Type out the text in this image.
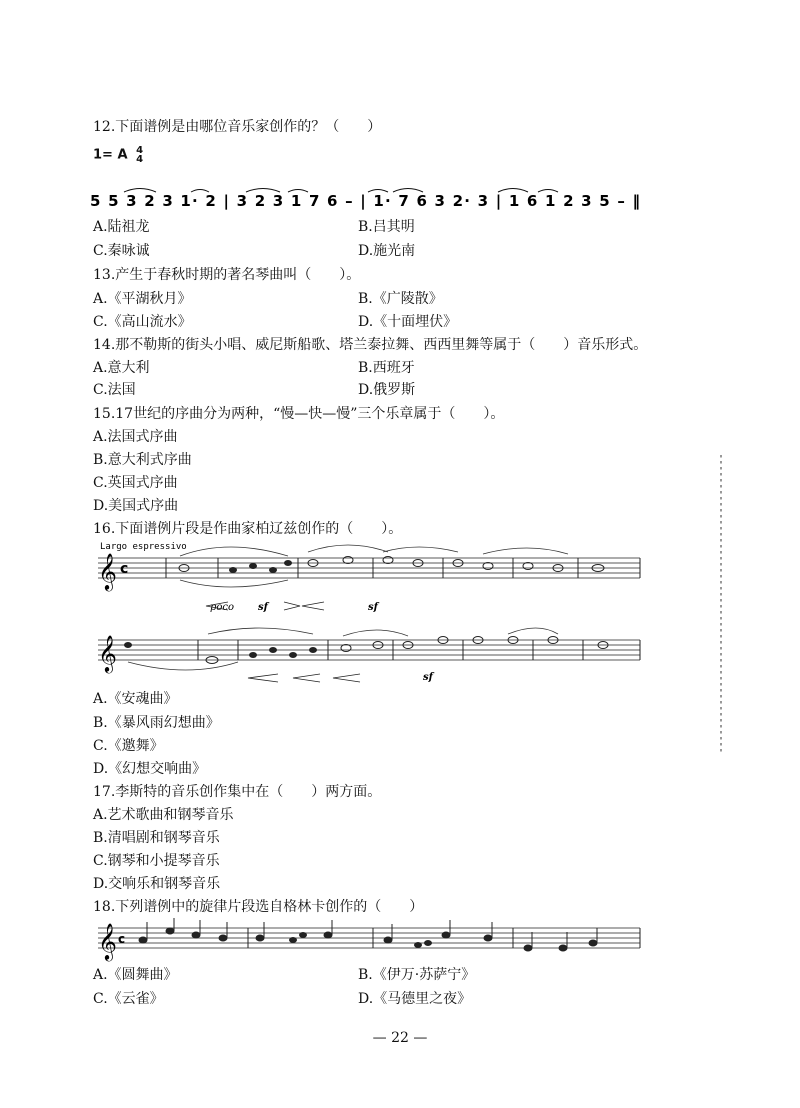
12.下面谱例是由哪位音乐家创作的？（　　）
1= A 4
4
5 5 3 2 3 1· 2 | 3 2 3 1 7 6 – | 1· 7 6 3 2· 3 | 1 6 1 2 3 5 – ‖
A.陆祖龙	B.吕其明
C.秦咏诚	D.施光南
13.产生于春秋时期的著名琴曲叫（　　）。
A.《平湖秋月》	B.《广陵散》
C.《高山流水》	D.《十面埋伏》
14.那不勒斯的街头小唱、威尼斯船歌、塔兰泰拉舞、西西里舞等属于（　　）音乐形式。
A.意大利	B.西班牙
C.法国	D.俄罗斯
15.17世纪的序曲分为两种，“慢—快—慢”三个乐章属于（　　）。
A.法国式序曲
B.意大利式序曲
C.英国式序曲
D.美国式序曲
16.下面谱例片段是作曲家柏辽兹创作的（　　）。
Largo espressivo
𝄞 c
𝄞
poco sf	sf
sf
A.《安魂曲》
B.《暴风雨幻想曲》
C.《邀舞》
D.《幻想交响曲》
17.李斯特的音乐创作集中在（　　）两方面。
A.艺术歌曲和钢琴音乐
B.清唱剧和钢琴音乐
C.钢琴和小提琴音乐
D.交响乐和钢琴音乐
18.下列谱例中的旋律片段选自格林卡创作的（　　）
𝄞 c
A.《圆舞曲》	B.《伊万·苏萨宁》
C.《云雀》	D.《马德里之夜》
— 22 —
